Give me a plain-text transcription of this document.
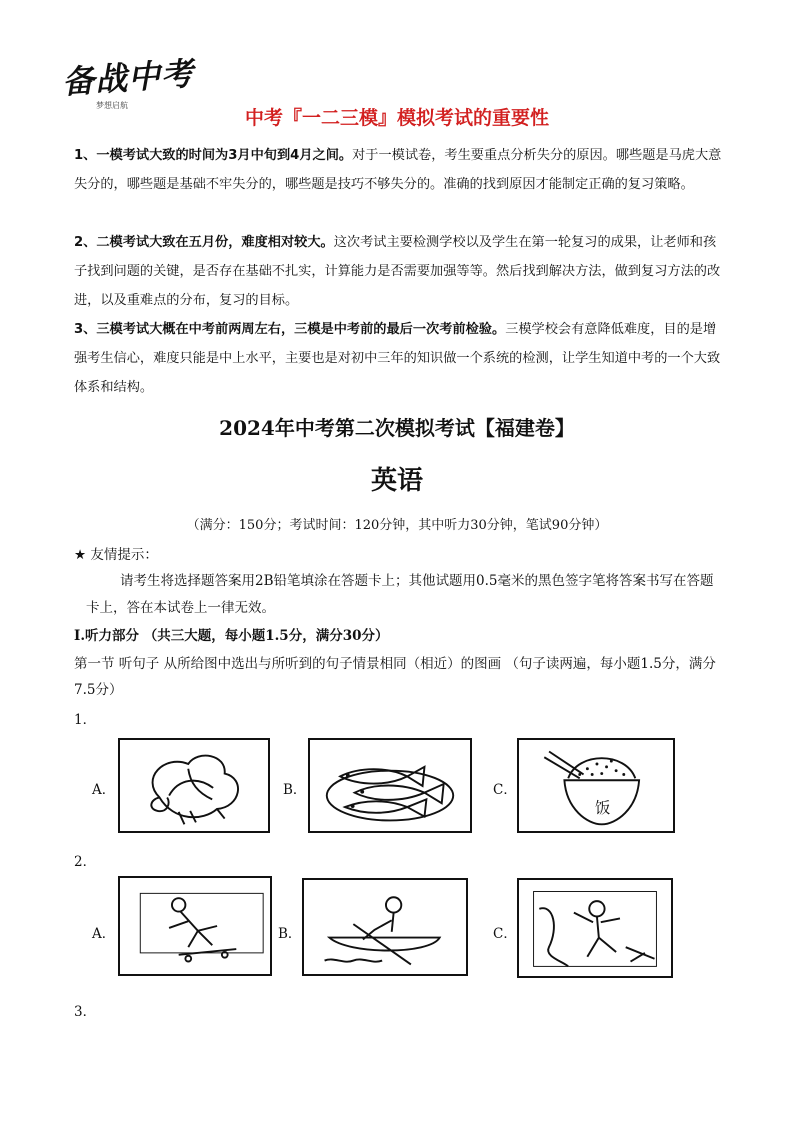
备战中考
梦想启航
中考『一二三模』模拟考试的重要性
1、一模考试大致的时间为3月中旬到4月之间。对于一模试卷，考生要重点分析失分的原因。哪些题是马虎大意失分的，哪些题是基础不牢失分的，哪些题是技巧不够失分的。准确的找到原因才能制定正确的复习策略。
2、二模考试大致在五月份，难度相对较大。这次考试主要检测学校以及学生在第一轮复习的成果，让老师和孩子找到问题的关键，是否存在基础不扎实，计算能力是否需要加强等等。然后找到解决方法，做到复习方法的改进，以及重难点的分布，复习的目标。
3、三模考试大概在中考前两周左右，三模是中考前的最后一次考前检验。三模学校会有意降低难度，目的是增强考生信心，难度只能是中上水平，主要也是对初中三年的知识做一个系统的检测，让学生知道中考的一个大致体系和结构。
2024年中考第二次模拟考试【福建卷】
英语
（满分：150分；考试时间：120分钟，其中听力30分钟，笔试90分钟）
★ 友情提示：
请考生将选择题答案用2B铅笔填涂在答题卡上；其他试题用0.5毫米的黑色签字笔将答案书写在答题卡上，答在本试卷上一律无效。
I.听力部分 （共三大题，每小题1.5分，满分30分）
第一节 听句子 从所给图中选出与所听到的句子情景相同（相近）的图画 （句子读两遍，每小题1.5分，满分7.5分）
1．
A．	B．	C．
饭
2．
A．	B．	C．
3．
